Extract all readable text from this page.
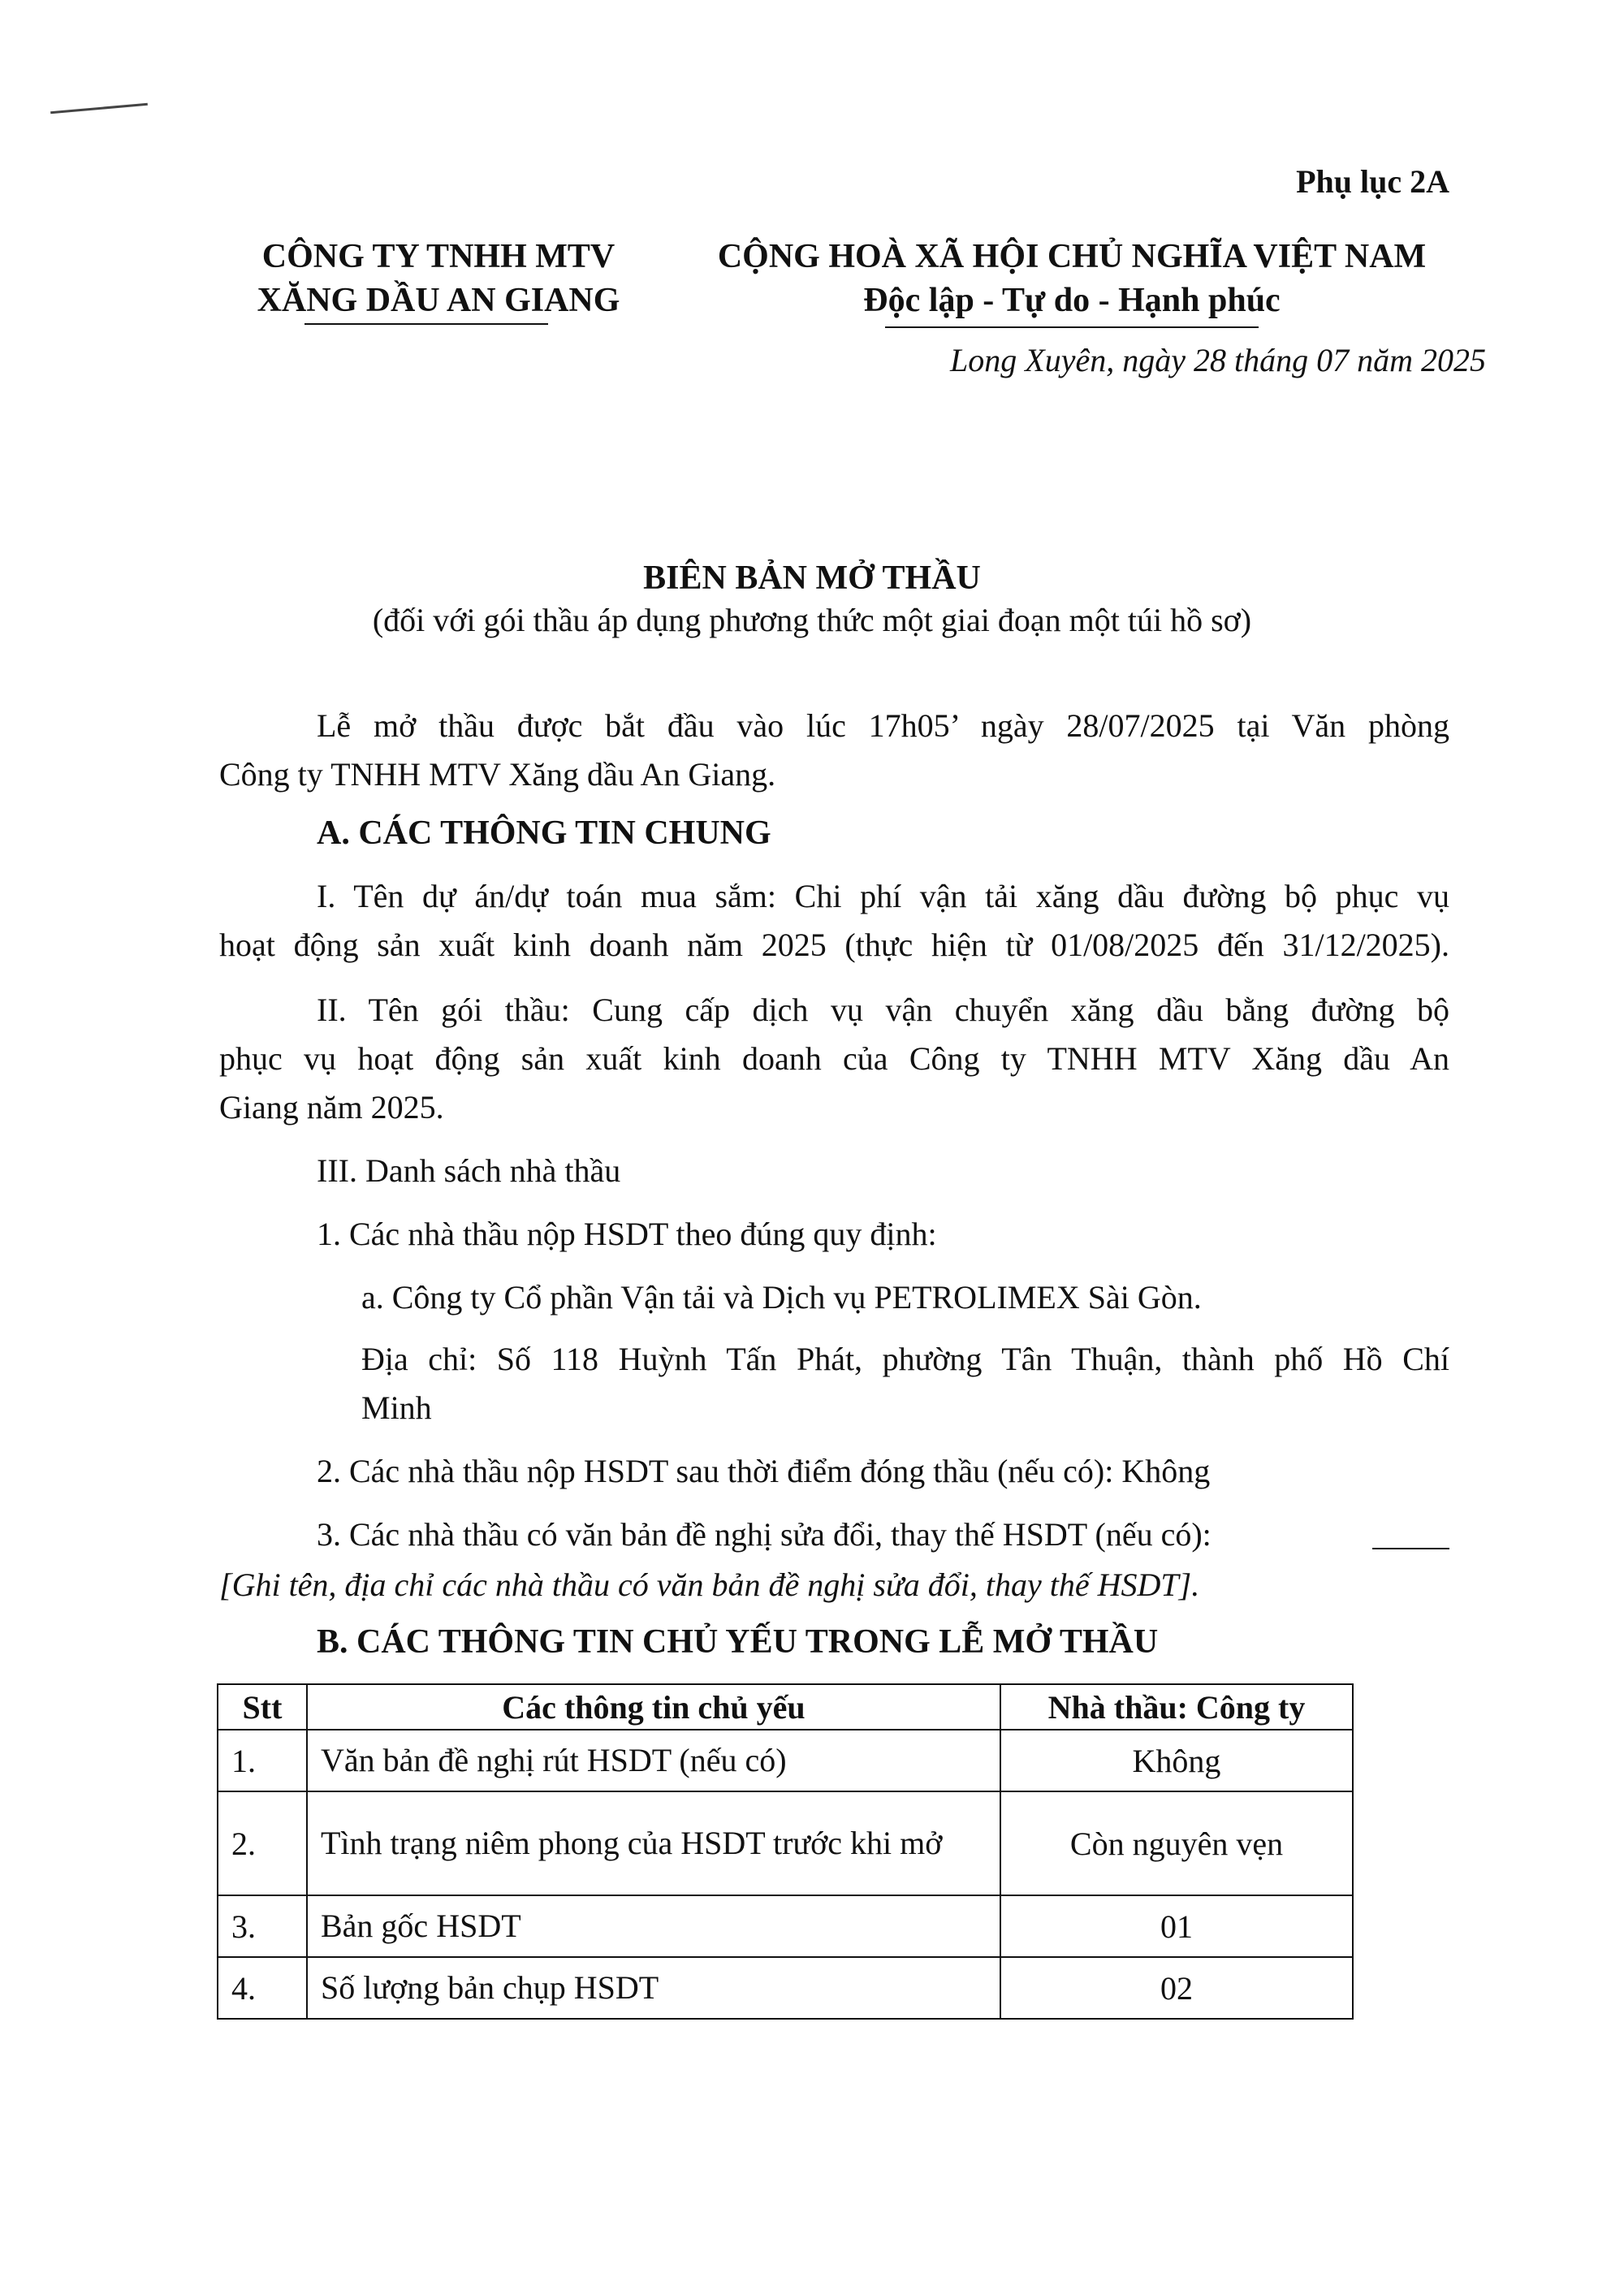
Phụ lục 2A
CÔNG TY TNHH MTV
XĂNG DẦU AN GIANG
CỘNG HOÀ XÃ HỘI CHỦ NGHĨA VIỆT NAM
Độc lập - Tự do - Hạnh phúc
Long Xuyên, ngày 28 tháng 07 năm 2025
BIÊN BẢN MỞ THẦU
(đối với gói thầu áp dụng phương thức một giai đoạn một túi hồ sơ)
Lễ mở thầu được bắt đầu vào lúc 17h05’ ngày 28/07/2025 tại Văn phòng
Công ty TNHH MTV Xăng dầu An Giang.
A. CÁC THÔNG TIN CHUNG
I. Tên dự án/dự toán mua sắm: Chi phí vận tải xăng dầu đường bộ phục vụ
hoạt động sản xuất kinh doanh năm 2025 (thực hiện từ 01/08/2025 đến 31/12/2025).
II. Tên gói thầu: Cung cấp dịch vụ vận chuyển xăng dầu bằng đường bộ
phục vụ hoạt động sản xuất kinh doanh của Công ty TNHH MTV Xăng dầu An
Giang năm 2025.
III. Danh sách nhà thầu
1. Các nhà thầu nộp HSDT theo đúng quy định:
a. Công ty Cổ phần Vận tải và Dịch vụ PETROLIMEX Sài Gòn.
Địa chỉ: Số 118 Huỳnh Tấn Phát, phường Tân Thuận, thành phố Hồ Chí
Minh
2. Các nhà thầu nộp HSDT sau thời điểm đóng thầu (nếu có): Không
3. Các nhà thầu có văn bản đề nghị sửa đổi, thay thế HSDT (nếu có):
[Ghi tên, địa chỉ các nhà thầu có văn bản đề nghị sửa đổi, thay thế HSDT].
B. CÁC THÔNG TIN CHỦ YẾU TRONG LỄ MỞ THẦU
Stt	Các thông tin chủ yếu	Nhà thầu: Công ty
1.	Văn bản đề nghị rút HSDT (nếu có)	Không
2.	Tình trạng niêm phong của HSDT trước khi mở	Còn nguyên vẹn
3.	Bản gốc HSDT	01
4.	Số lượng bản chụp HSDT	02
